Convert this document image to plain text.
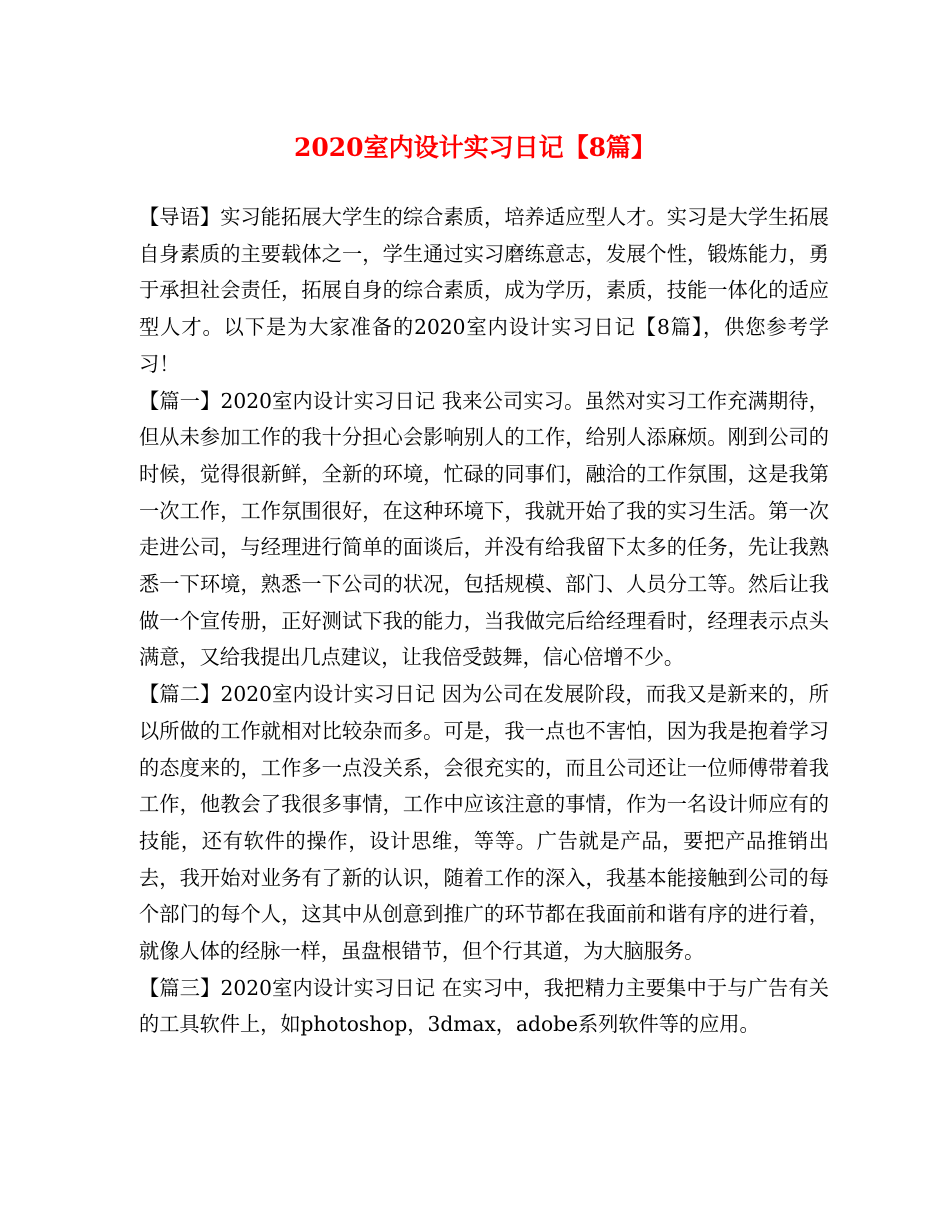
2020室内设计实习日记【8篇】

【导语】实习能拓展大学生的综合素质，培养适应型人才。实习是大学生拓展自身素质的主要载体之一，学生通过实习磨练意志，发展个性，锻炼能力，勇于承担社会责任，拓展自身的综合素质，成为学历，素质，技能一体化的适应型人才。以下是为大家准备的2020室内设计实习日记【8篇】，供您参考学习！

【篇一】2020室内设计实习日记 我来公司实习。虽然对实习工作充满期待，但从未参加工作的我十分担心会影响别人的工作，给别人添麻烦。刚到公司的时候，觉得很新鲜，全新的环境，忙碌的同事们，融洽的工作氛围，这是我第一次工作，工作氛围很好，在这种环境下，我就开始了我的实习生活。第一次走进公司，与经理进行简单的面谈后，并没有给我留下太多的任务，先让我熟悉一下环境，熟悉一下公司的状况，包括规模、部门、人员分工等。然后让我做一个宣传册，正好测试下我的能力，当我做完后给经理看时，经理表示点头满意，又给我提出几点建议，让我倍受鼓舞，信心倍增不少。

【篇二】2020室内设计实习日记 因为公司在发展阶段，而我又是新来的，所以所做的工作就相对比较杂而多。可是，我一点也不害怕，因为我是抱着学习的态度来的，工作多一点没关系，会很充实的，而且公司还让一位师傅带着我工作，他教会了我很多事情，工作中应该注意的事情，作为一名设计师应有的技能，还有软件的操作，设计思维，等等。广告就是产品，要把产品推销出去，我开始对业务有了新的认识，随着工作的深入，我基本能接触到公司的每个部门的每个人，这其中从创意到推广的环节都在我面前和谐有序的进行着，就像人体的经脉一样，虽盘根错节，但个行其道，为大脑服务。

【篇三】2020室内设计实习日记 在实习中，我把精力主要集中于与广告有关的工具软件上，如photoshop，3dmax，adobe系列软件等的应用。
